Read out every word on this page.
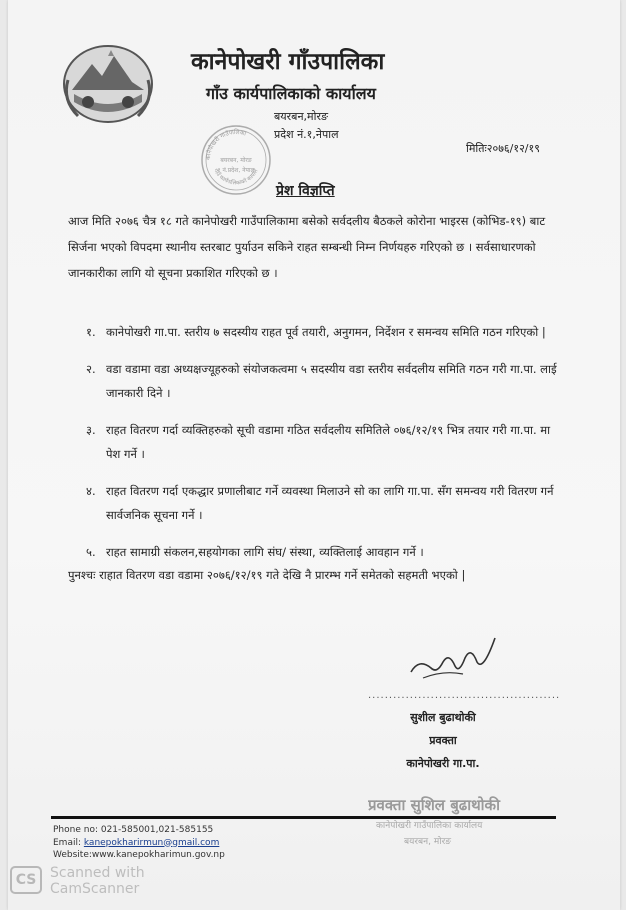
कानेपोखरी गाँउपालिका
गाँउ कार्यपालिकाको कार्यालय
बयरबन,मोरङ
प्रदेश नं.१,नेपाल
मितिः२०७६/१२/१९
कानेपोखरी गाउँपालिका
गाउँ कार्यपालिकाको कार्याल
बयरबन, मोरङ
१ नं.प्रदेश, नेपाल
प्रेश विज्ञप्ति
आज मिति २०७६ चैत्र १८ गते कानेपोखरी गाउँपालिकामा बसेको सर्वदलीय बैठकले कोरोना भाइरस (कोभिड-१९) बाट सिर्जना भएको विपदमा स्थानीय स्तरबाट पुर्याउन सकिने राहत सम्बन्धी निम्न निर्णयहरु गरिएको छ । सर्वसाधारणको जानकारीका लागि यो सूचना प्रकाशित गरिएको छ ।
१. कानेपोखरी गा.पा. स्तरीय ७ सदस्यीय राहत पूर्व तयारी, अनुगमन, निर्देशन र समन्वय समिति गठन गरिएको |
२. वडा वडामा वडा अध्यक्षज्यूहरुको संयोजकत्वमा ५ सदस्यीय वडा स्तरीय सर्वदलीय समिति गठन गरी गा.पा. लाई जानकारी दिने ।
३. राहत वितरण गर्दा व्यक्तिहरुको सूची वडामा गठित सर्वदलीय समितिले ०७६/१२/१९ भित्र तयार गरी गा.पा. मा पेश गर्ने ।
४. राहत वितरण गर्दा एकद्धार प्रणालीबाट गर्ने व्यवस्था मिलाउने सो का लागि गा.पा. सँग समन्वय गरी वितरण गर्न सार्वजनिक सूचना गर्ने ।
५. राहत सामाग्री संकलन,सहयोगका लागि संघ/ संस्था, व्यक्तिलाई आवहान गर्ने ।
पुनश्चः राहात वितरण वडा वडामा २०७६/१२/१९ गते देखि नै प्रारम्भ गर्ने समेतको सहमती भएको |
..............................................
सुशील बुढाथोकी
प्रवक्ता
कानेपोखरी गा.पा.
प्रवक्ता सुशिल बुढाथोकी
कानेपोखरी गाउँपालिका कार्यालय
बयरबन, मोरङ
Phone no: 021-585001,021-585155
Email: kanepokharirmun@gmail.com
Website:www.kanepokharimun.gov.np
CS Scanned with
CamScanner
